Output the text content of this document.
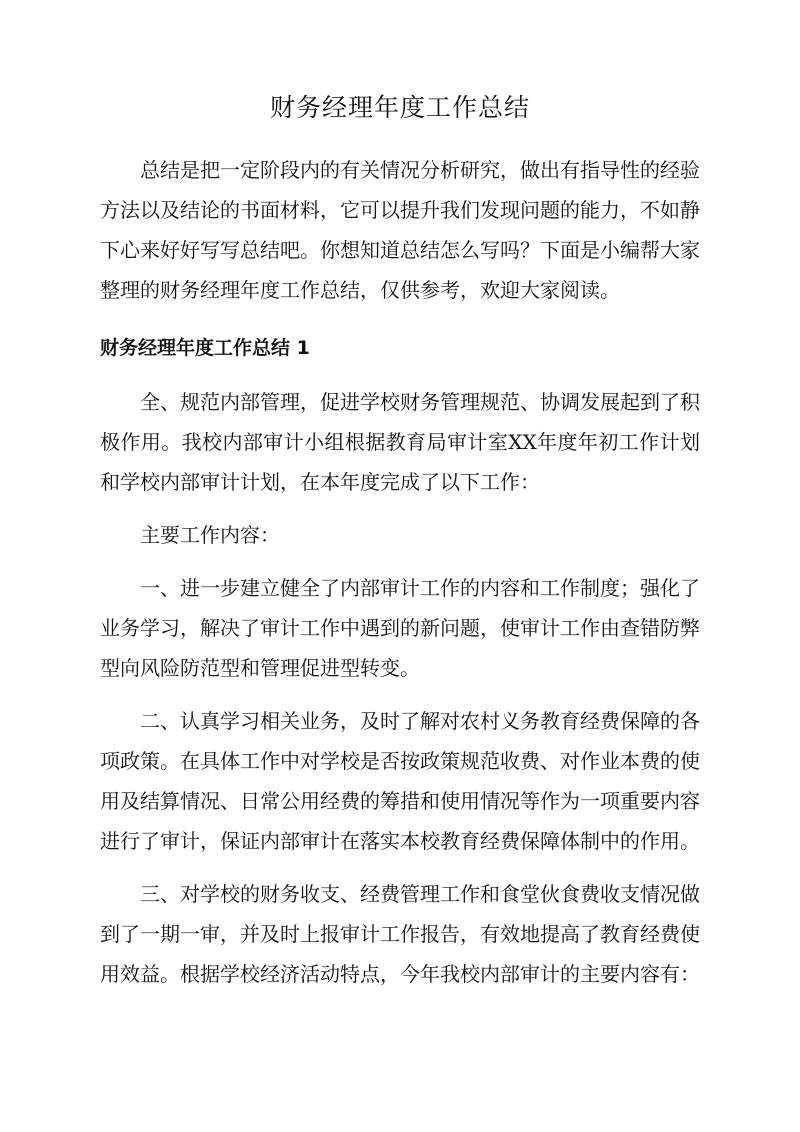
财务经理年度工作总结

总结是把一定阶段内的有关情况分析研究，做出有指导性的经验方法以及结论的书面材料，它可以提升我们发现问题的能力，不如静下心来好好写写总结吧。你想知道总结怎么写吗？下面是小编帮大家整理的财务经理年度工作总结，仅供参考，欢迎大家阅读。

财务经理年度工作总结 1

全、规范内部管理，促进学校财务管理规范、协调发展起到了积极作用。我校内部审计小组根据教育局审计室XX年度年初工作计划和学校内部审计计划，在本年度完成了以下工作：

主要工作内容：

一、进一步建立健全了内部审计工作的内容和工作制度；强化了业务学习，解决了审计工作中遇到的新问题，使审计工作由查错防弊型向风险防范型和管理促进型转变。

二、认真学习相关业务，及时了解对农村义务教育经费保障的各项政策。在具体工作中对学校是否按政策规范收费、对作业本费的使用及结算情况、日常公用经费的筹措和使用情况等作为一项重要内容进行了审计，保证内部审计在落实本校教育经费保障体制中的作用。

三、对学校的财务收支、经费管理工作和食堂伙食费收支情况做到了一期一审，并及时上报审计工作报告，有效地提高了教育经费使用效益。根据学校经济活动特点，今年我校内部审计的主要内容有：
